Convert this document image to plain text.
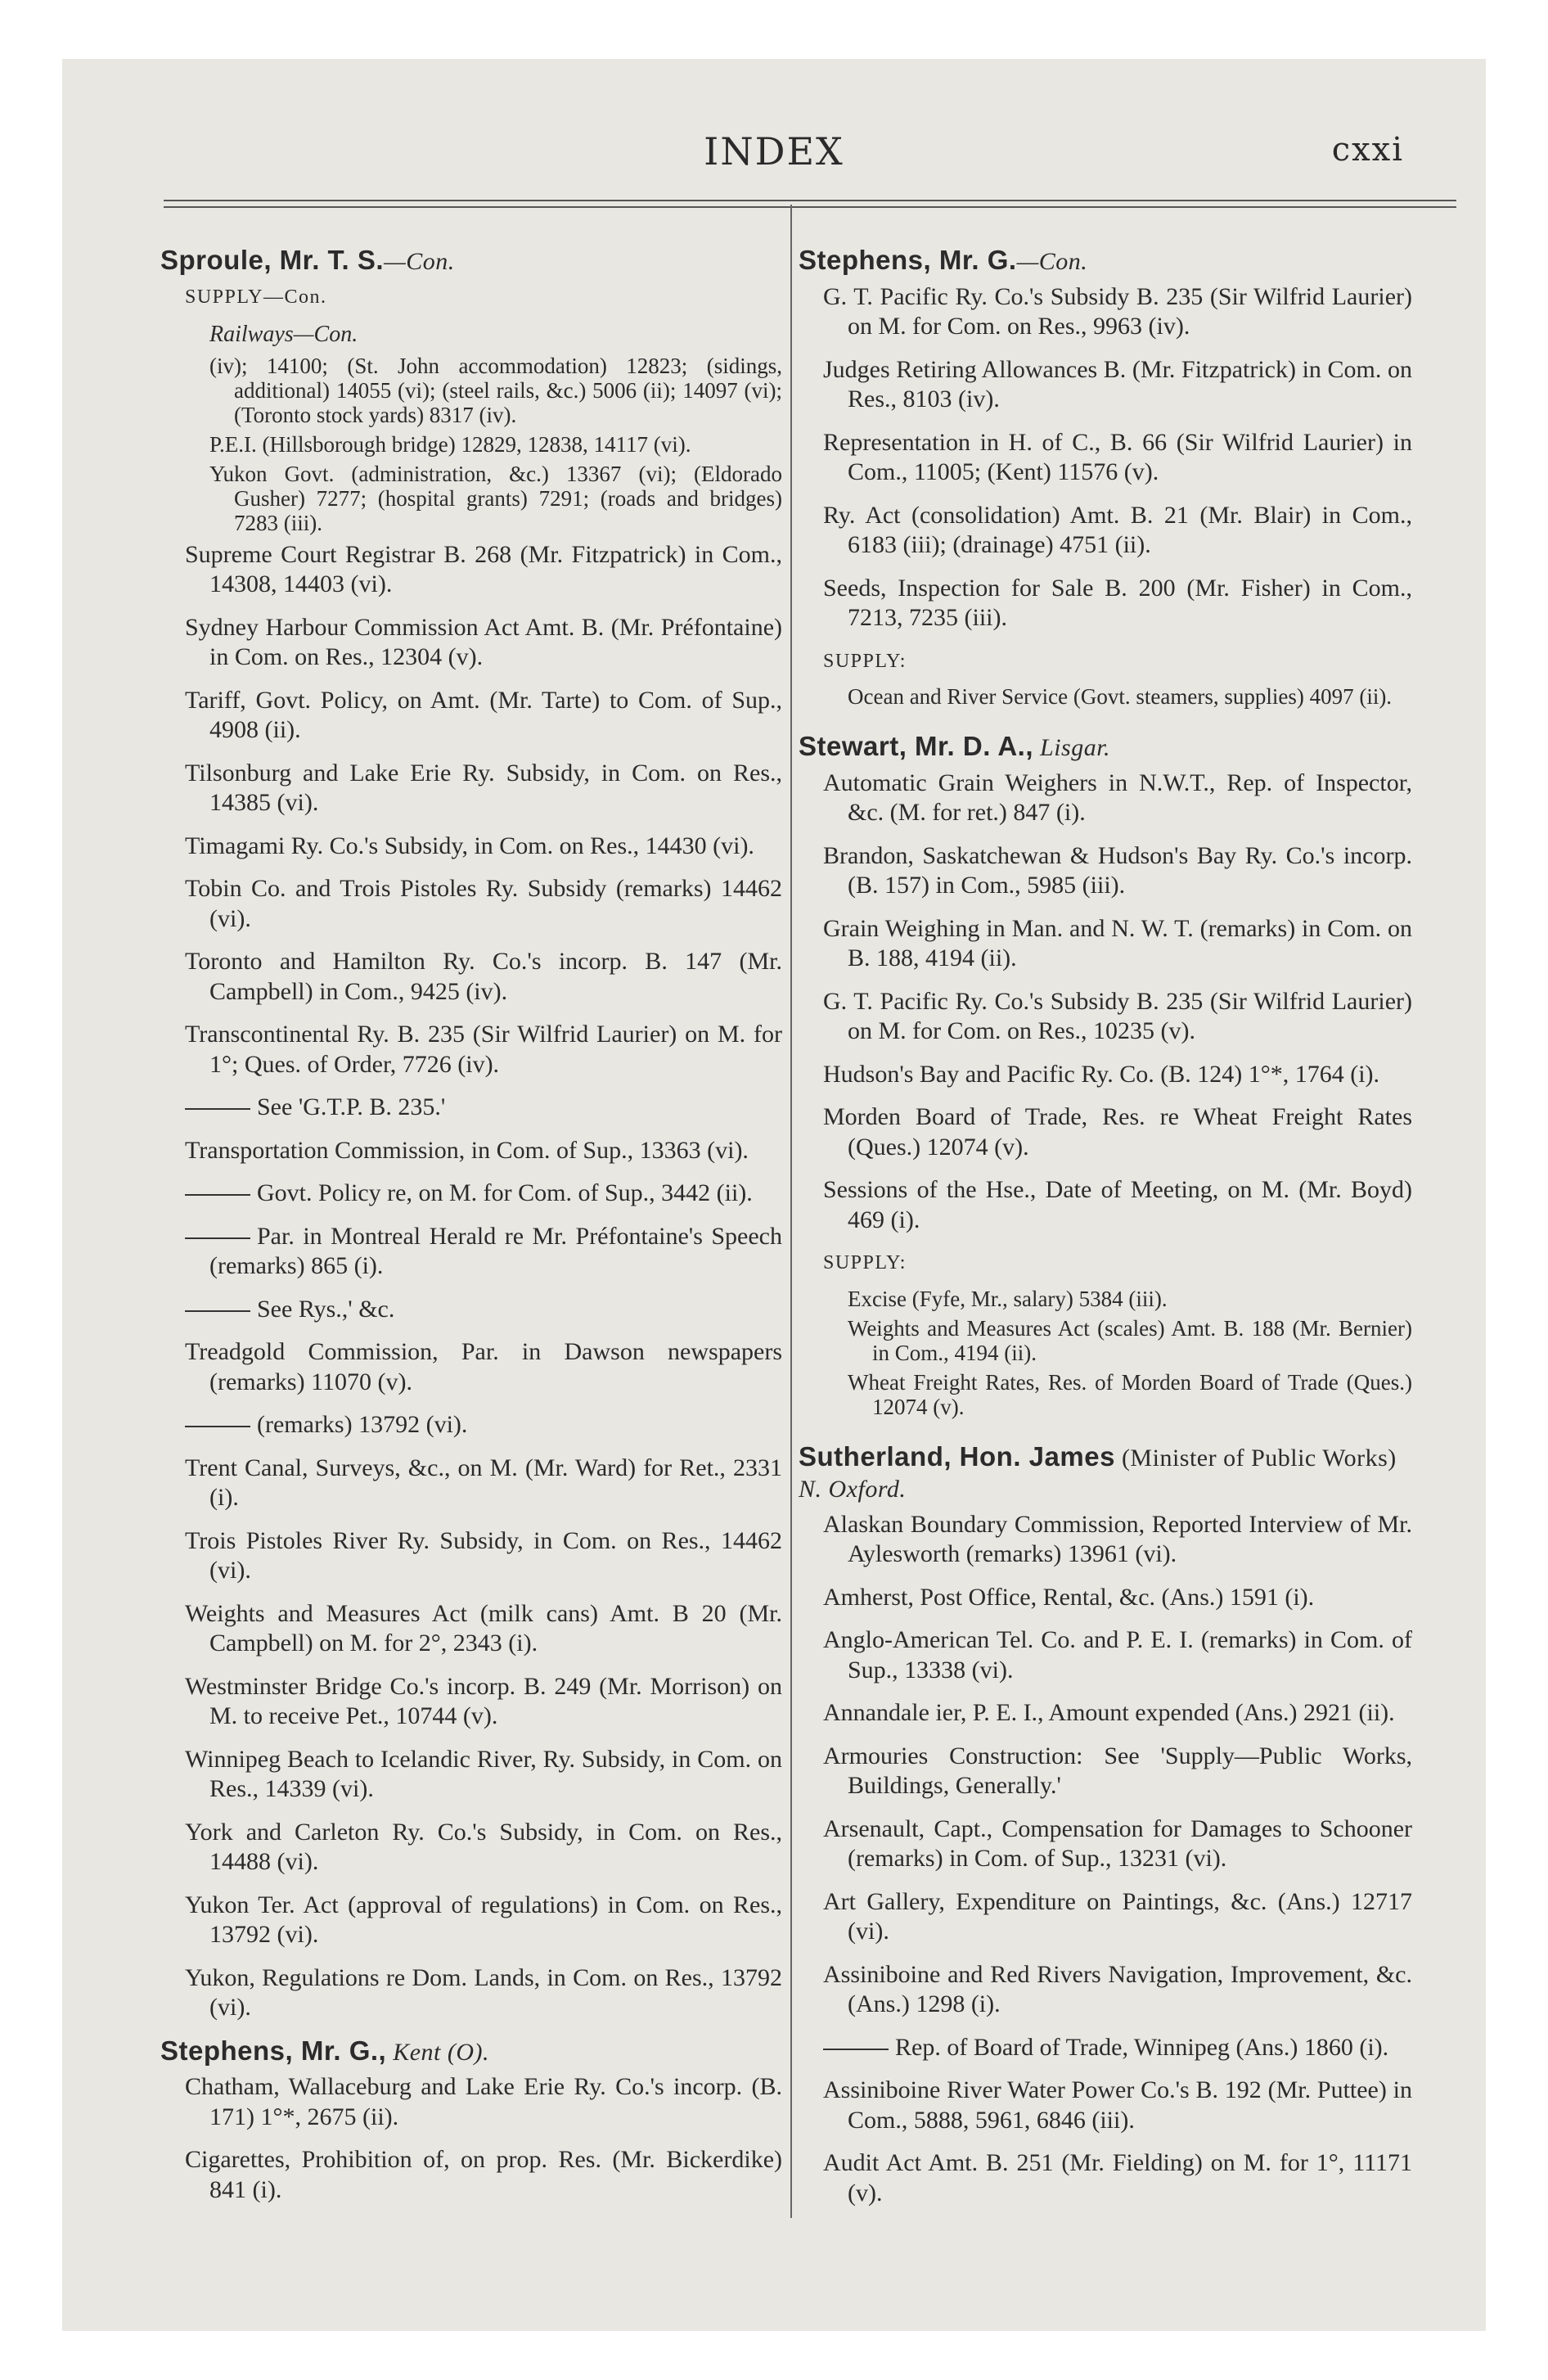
INDEX	cxxi
Sproule, Mr. T. S.—Con.
SUPPLY—Con.
Railways—Con.
(iv); 14100; (St. John accommodation) 12823; (sidings, additional) 14055 (vi); (steel rails, &c.) 5006 (ii); 14097 (vi); (Toronto stock yards) 8317 (iv).
P.E.I. (Hillsborough bridge) 12829, 12838, 14117 (vi).
Yukon Govt. (administration, &c.) 13367 (vi); (Eldorado Gusher) 7277; (hospital grants) 7291; (roads and bridges) 7283 (iii).
Supreme Court Registrar B. 268 (Mr. Fitzpatrick) in Com., 14308, 14403 (vi).
Sydney Harbour Commission Act Amt. B. (Mr. Préfontaine) in Com. on Res., 12304 (v).
Tariff, Govt. Policy, on Amt. (Mr. Tarte) to Com. of Sup., 4908 (ii).
Tilsonburg and Lake Erie Ry. Subsidy, in Com. on Res., 14385 (vi).
Timagami Ry. Co.'s Subsidy, in Com. on Res., 14430 (vi).
Tobin Co. and Trois Pistoles Ry. Subsidy (remarks) 14462 (vi).
Toronto and Hamilton Ry. Co.'s incorp. B. 147 (Mr. Campbell) in Com., 9425 (iv).
Transcontinental Ry. B. 235 (Sir Wilfrid Laurier) on M. for 1°; Ques. of Order, 7726 (iv).
See 'G.T.P. B. 235.'
Transportation Commission, in Com. of Sup., 13363 (vi).
Govt. Policy re, on M. for Com. of Sup., 3442 (ii).
Par. in Montreal Herald re Mr. Préfontaine's Speech (remarks) 865 (i).
See Rys.,' &c.
Treadgold Commission, Par. in Dawson newspapers (remarks) 11070 (v).
(remarks) 13792 (vi).
Trent Canal, Surveys, &c., on M. (Mr. Ward) for Ret., 2331 (i).
Trois Pistoles River Ry. Subsidy, in Com. on Res., 14462 (vi).
Weights and Measures Act (milk cans) Amt. B 20 (Mr. Campbell) on M. for 2°, 2343 (i).
Westminster Bridge Co.'s incorp. B. 249 (Mr. Morrison) on M. to receive Pet., 10744 (v).
Winnipeg Beach to Icelandic River, Ry. Subsidy, in Com. on Res., 14339 (vi).
York and Carleton Ry. Co.'s Subsidy, in Com. on Res., 14488 (vi).
Yukon Ter. Act (approval of regulations) in Com. on Res., 13792 (vi).
Yukon, Regulations re Dom. Lands, in Com. on Res., 13792 (vi).
Stephens, Mr. G., Kent (O).
Chatham, Wallaceburg and Lake Erie Ry. Co.'s incorp. (B. 171) 1°*, 2675 (ii).
Cigarettes, Prohibition of, on prop. Res. (Mr. Bickerdike) 841 (i).
Stephens, Mr. G.—Con.
G. T. Pacific Ry. Co.'s Subsidy B. 235 (Sir Wilfrid Laurier) on M. for Com. on Res., 9963 (iv).
Judges Retiring Allowances B. (Mr. Fitzpatrick) in Com. on Res., 8103 (iv).
Representation in H. of C., B. 66 (Sir Wilfrid Laurier) in Com., 11005; (Kent) 11576 (v).
Ry. Act (consolidation) Amt. B. 21 (Mr. Blair) in Com., 6183 (iii); (drainage) 4751 (ii).
Seeds, Inspection for Sale B. 200 (Mr. Fisher) in Com., 7213, 7235 (iii).
SUPPLY:
Ocean and River Service (Govt. steamers, supplies) 4097 (ii).
Stewart, Mr. D. A., Lisgar.
Automatic Grain Weighers in N.W.T., Rep. of Inspector, &c. (M. for ret.) 847 (i).
Brandon, Saskatchewan & Hudson's Bay Ry. Co.'s incorp. (B. 157) in Com., 5985 (iii).
Grain Weighing in Man. and N. W. T. (remarks) in Com. on B. 188, 4194 (ii).
G. T. Pacific Ry. Co.'s Subsidy B. 235 (Sir Wilfrid Laurier) on M. for Com. on Res., 10235 (v).
Hudson's Bay and Pacific Ry. Co. (B. 124) 1°*, 1764 (i).
Morden Board of Trade, Res. re Wheat Freight Rates (Ques.) 12074 (v).
Sessions of the Hse., Date of Meeting, on M. (Mr. Boyd) 469 (i).
SUPPLY:
Excise (Fyfe, Mr., salary) 5384 (iii).
Weights and Measures Act (scales) Amt. B. 188 (Mr. Bernier) in Com., 4194 (ii).
Wheat Freight Rates, Res. of Morden Board of Trade (Ques.) 12074 (v).
Sutherland, Hon. James (Minister of Public Works) N. Oxford.
Alaskan Boundary Commission, Reported Interview of Mr. Aylesworth (remarks) 13961 (vi).
Amherst, Post Office, Rental, &c. (Ans.) 1591 (i).
Anglo-American Tel. Co. and P. E. I. (remarks) in Com. of Sup., 13338 (vi).
Annandale ier, P. E. I., Amount expended (Ans.) 2921 (ii).
Armouries Construction: See 'Supply—Public Works, Buildings, Generally.'
Arsenault, Capt., Compensation for Damages to Schooner (remarks) in Com. of Sup., 13231 (vi).
Art Gallery, Expenditure on Paintings, &c. (Ans.) 12717 (vi).
Assiniboine and Red Rivers Navigation, Improvement, &c. (Ans.) 1298 (i).
Rep. of Board of Trade, Winnipeg (Ans.) 1860 (i).
Assiniboine River Water Power Co.'s B. 192 (Mr. Puttee) in Com., 5888, 5961, 6846 (iii).
Audit Act Amt. B. 251 (Mr. Fielding) on M. for 1°, 11171 (v).
